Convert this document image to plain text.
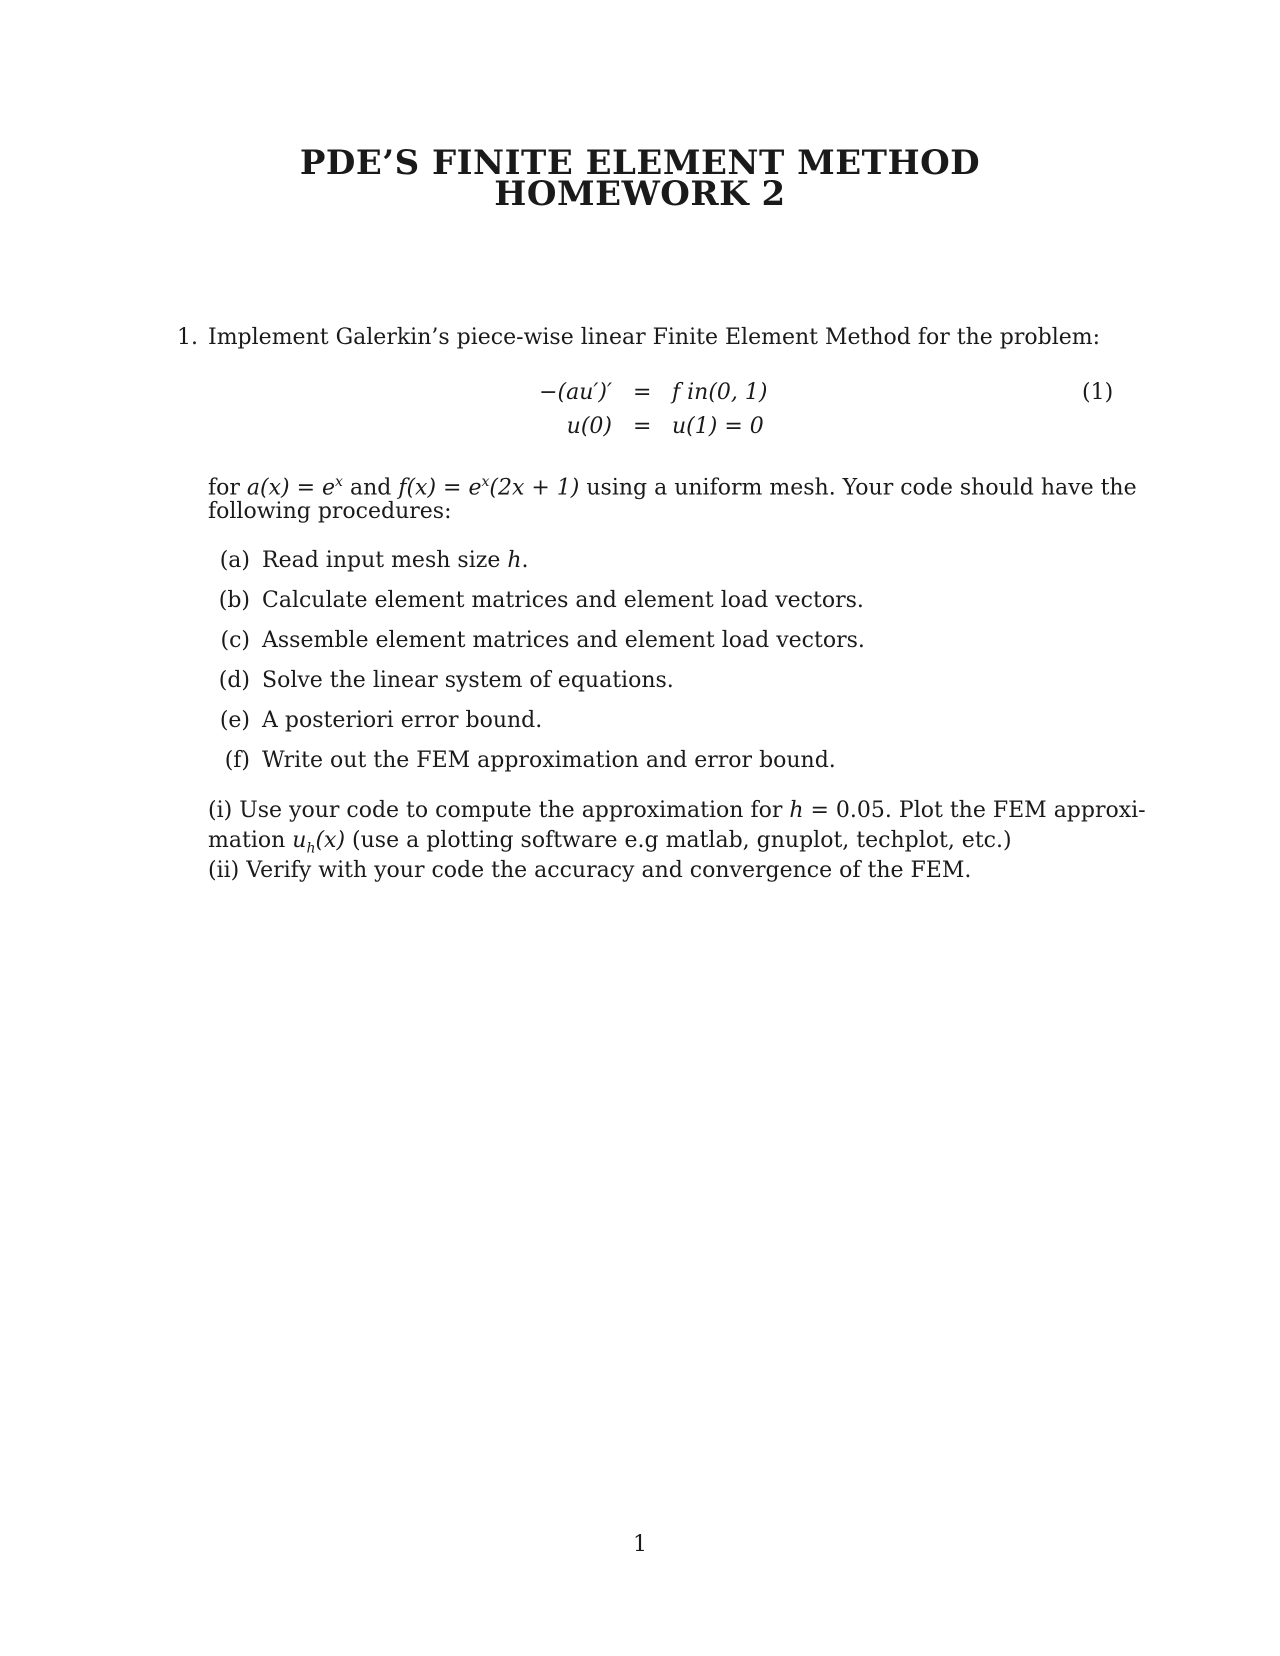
PDE’S FINITE ELEMENT METHOD
HOMEWORK 2
1. Implement Galerkin’s piece-wise linear Finite Element Method for the problem:
−(au′)′ = f in(0, 1)	(1)
u(0) = u(1) = 0
for $a(x) = e^x$ and $f(x) = e^x(2x + 1)$ using a uniform mesh. Your code should have the
following procedures:
(a) Read input mesh size h.
(b) Calculate element matrices and element load vectors.
(c) Assemble element matrices and element load vectors.
(d) Solve the linear system of equations.
(e) A posteriori error bound.
(f) Write out the FEM approximation and error bound.
(i) Use your code to compute the approximation for h = 0.05. Plot the FEM approxi-
mation $u_h(x)$ (use a plotting software e.g matlab, gnuplot, techplot, etc.)
(ii) Verify with your code the accuracy and convergence of the FEM.
1
